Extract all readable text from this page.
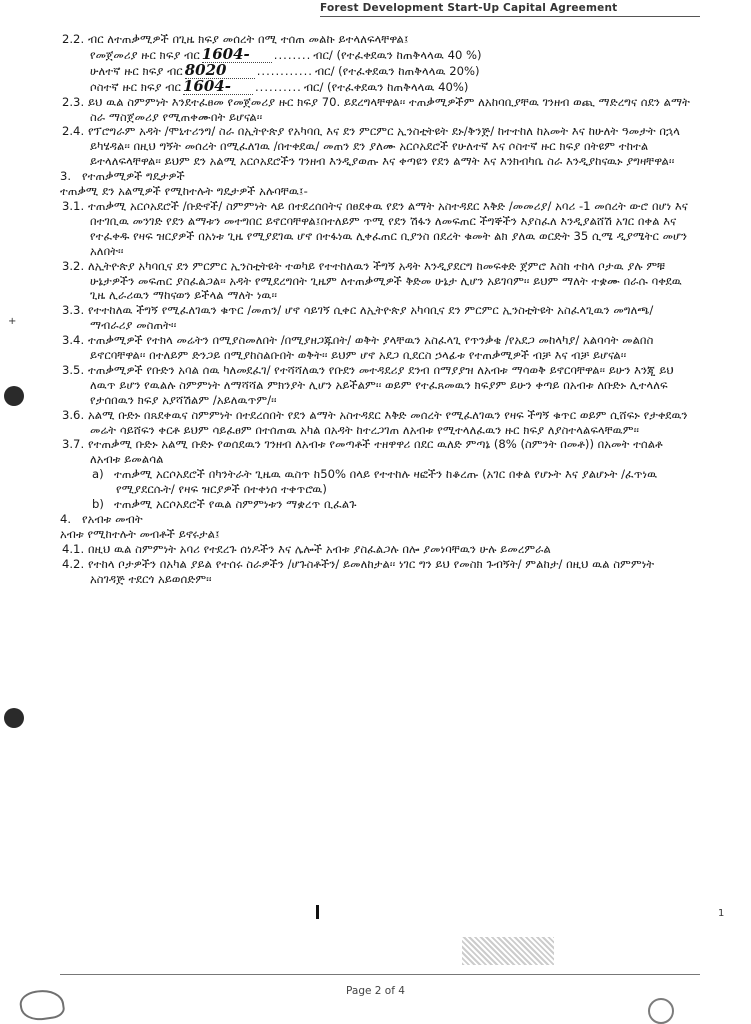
Forest Development Start-Up Capital Agreement
2.2. ብር ለተጠቃሚዎች በጊዜ ክፍያ መሰረት በሚ ተሰጠ መልኩ ይተላለፍላቸዋል፤
የመጀመሪያ ዙር ክፍያ ብር 1604-	........ ብር/ (የተፈቀደዉን ከጠቅላላዉ 40 %)
ሁለተኛ ዙር ክፍያ ብር 8020	............ ብር/ (የተፈቀደዉን ከጠቅላላዉ 20%)
ሶስተኛ ዙር ክፍያ ብር 1604-	.......... ብር/ (የተፈቀደዉን ከጠቅላላዉ 40%)
2.3. ይህ ዉል ስምምነት እንደተፈፀመ የመጀመሪያ ዙር ክፍያ 70. ይደረግላቸዋል፡፡ ተጠቃሚዎችም ለአከባቢያቸዉ ገንዘብ ወጪ ማድረግና ሰደን ልማት ስራ ማስጀመሪያ የሚጠቀሙበት ይሆናል፡፡
2.4. የፕሮግራም አዳት /ሞኒተሪንግ/ ስራ በኢትዮጵያ የአካባቢ እና ደን ምርምር ኢንስቲትዩት ደኑ/ቅንጅ/ ከተተከለ ከአመት እና ከሁለት ዓመታት በኋላ ይካሄዳል፡፡ በዚህ ግኝት መሰረት በሚፈለገዉ /በተቀደዉ/ መጠን ደን ያለሙ አርሶአደሮች የሁለተኛ እና ሶስተኛ ዙር ክፍያ በትዩም ተከተል ይተላለፍላቸዋል፡፡ ይህም ደን አልሚ አርሶአደሮችን ገንዘብ እንዲያወጡ እና ቀጣዩን የደን ልማት እና እንክብካቤ ስራ እንዲያከናዉኑ ያግዛቸዋል፡፡
3. የተጠቃሚዎች ግዴታዎች
ተጠቃሚ ደን አልሚዎች የሚከተሉት ግዴታዎች አሉባቸዉ፤-
3.1. ተጠቃሚ አርሶአደሮች /ቡድኖች/ ስምምነት ላይ በተደረሰበትና በፀደቀዉ የደን ልማት አስተዳደር እቅድ /መመሪያ/ አባሪ -1 መሰረት ውሮ በሆነ እና በተገቢዉ መንገድ የደን ልማቱን መተግበር ይኖርባቸዋል፤በተለይም ጥሚ የደን ሽፋን ለመፍጠር ችግኞችን እያስፈለ እንዲያልሸሽ አገር በቀል እና የተፈቀዱ የዛፍ ዝርያዎች በአነቱ ጊዜ የሚያደገዉ ሆኖ በተፋነዉ ሊቀፈጠር ቢያንስ በደረት ቁመት ልክ ያለዉ ወርድት 35 ሲሜ ዲያሜትር መሆን አለበት፡፡
3.2. ለኢትዮጵያ አካባቢና ደን ምርምር ኢንስቲትዩት ተወካይ የተተከለዉን ችግኝ አዳት እንዲያደርግ ከመፍቀድ ጀምሮ እስከ ተከላ ቦታዉ ያሉ ምቹ ሁኔታዎችን መፍጠር ያስፈልጋል፡፡ አዳት የሚደረግበት ጊዜም ለተጠቃሚዎች ቅድመ ሁኔታ ሊሆን አይገባም፡፡ ይህም ማለት ተቋሙ በራሱ ባቀደዉ ጊዜ ሊራሪዉን ማከናወን ይችላል ማለት ነዉ፡፡
3.3. የተተከለዉ ችግኝ የሚፈለገዉን ቁጥር /መጠን/ ሆኖ ሳይገኝ ሲቀር ለኢትዮጵያ አካባቢና ደን ምርምር ኢንስቲትዩት አስፈላጊዉን መግለጫ/ማብራሪያ መስጠት፡፡
3.4. ተጠቃሚዎች የተክላ መሬትን በሚያስመለበት /በሚያዘጋጁበት/ ወቅት ያላቸዉን አስፈላጊ የጥንቃቄ /የአደጋ መከላካያ/ አልባሳት መልበስ ይኖርባቸዋል፡፡ በተለይም ድንጋይ በሚያከስልቡበት ወቅት፡፡ ይህም ሆኖ አደጋ ቢደርስ ኃላፊቱ የተጠቃሚዎች ብቻ እና ብቻ ይሆናል፡፡
3.5. ተጠቃሚዎች የቡድን አባል ሰዉ ካለመደፈገ/ የተሻሻለዉን የቡደን መተዳደሪያ ደንብ በማያያዝ ለአብቱ ማሳወቅ ይኖርባቸዋል፡፡ ይሁን እንጂ ይህ ለዉጥ ይሆን የዉልሉ ስምምነት ለማሻሻል ምክንያት ሊሆን አይችልም፡፡ ወይም የተፈጸመዉን ክፍያም ይሁን ቀጣይ በአብቱ ለቡድኑ ሊተላለፍ የታሰበዉን ክፍያ አያሻሽልም /አይለዉጥም/፡፡
3.6. አልሚ ቡድኑ በጸደቀዉና ስምምነት በተደረሰበት የደን ልማት አስተዳደር እቅድ መሰረት የሚፈለገዉን የዛፍ ችግኝ ቁጥር ወይም ሲሸፍኑ የታቀደዉን መሬት ሳይሸፍን ቀርቶ ይህም ሳይፈፀም በተሰጠዉ አካል በአዳት ከተረጋገጠ ለአብቱ የሚተላለፈዉን ዙር ክፍያ ለያስተላልፍላቸዉም፡፡
3.7. የተጠቃሚ ቡድኑ አልሚ ቡድኑ የወሰደዉን ገንዘብ ለአብቱ የመጣቶች ተዘዋዋሪ በደር ዉለድ ምጣኔ (8% (ስምንት በመቶ)) በአመት ተሰልቶ ለአብቱ ይመልሳል
a) ተጠቃሚ አርሶአደሮች በካንትራት ጊዜዉ ዉስጥ ከ50% በላይ የተተከሉ ዛፎችን ከቆረጡ (አገር በቀል የሆኑት እና ያልሆኑት /ፈጥነዉ የሚያደርሱት/ የዛፍ ዝርያዎች በተቀነሰ ተቀጥሮዉ)
b) ተጠቃሚ አርሶአደሮች የዉል ስምምነቱን ማቋረጥ ቢፈልጉ
4. የአብቱ መብት
አብቱ የሚከተሉት መብቶች ይኖሩታል፤
4.1. በዚህ ዉል ስምምነት አባሪ የተደረጉ ሰነዶችን እና ሌሎች አብቱ ያስፈልጋሉ በሎ ያመነባቸዉን ሁሉ ይመረምራል
4.2. የተከላ ቦታዎችን በአካል ያይል የተሰሩ ስራዎችን /ሆጉስቶችን/ ይመለከታል፡፡ ነገር ግን ይህ የመስክ ጉብኝት/ ምልከታ/ በዚህ ዉል ስምምነት አስገዳጅ ተደርጎ አይወሰድም፡፡
+
1
Page 2 of 4
